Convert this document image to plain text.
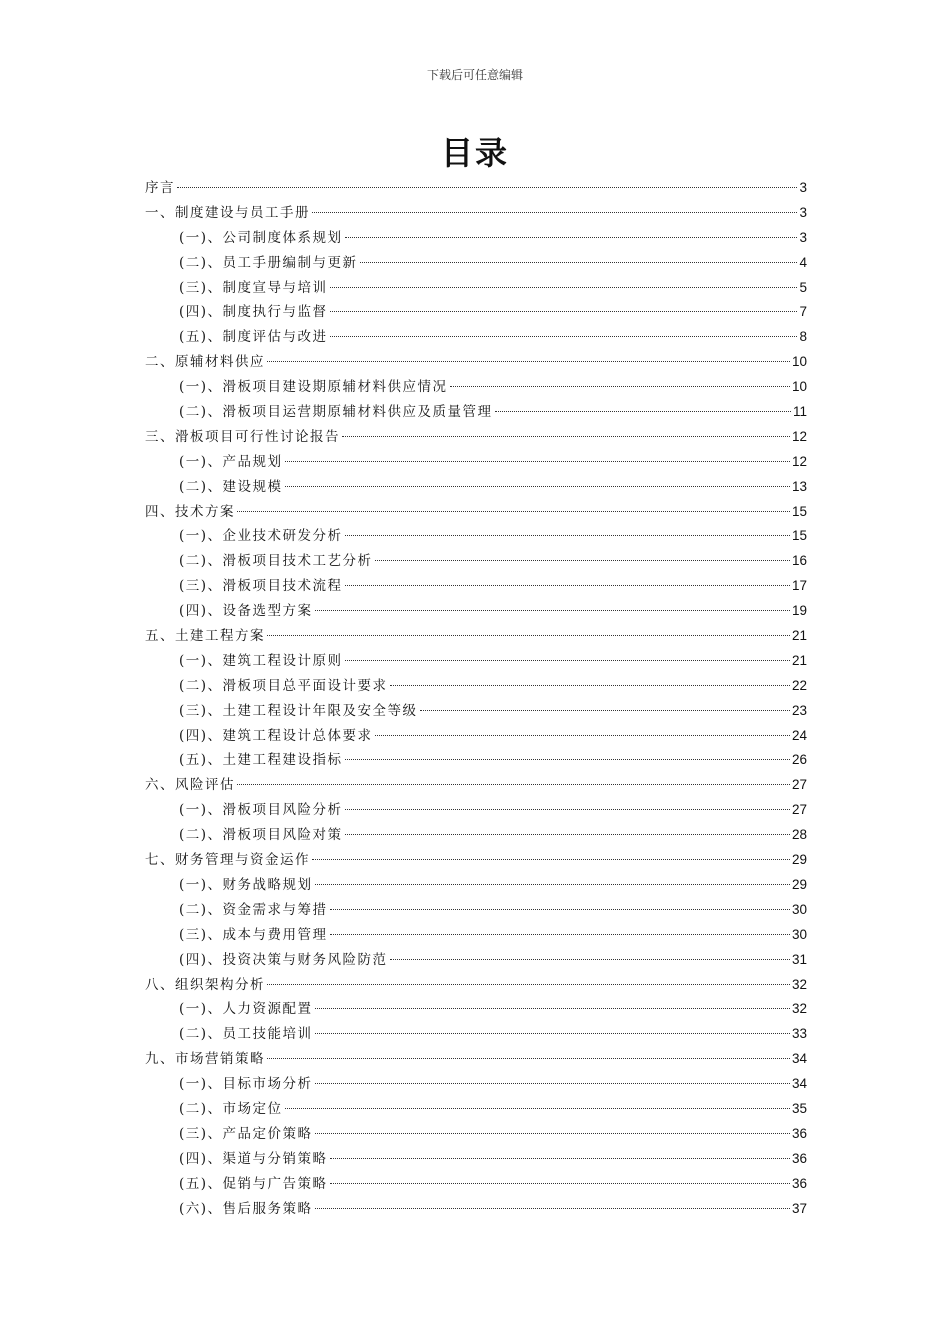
下载后可任意编辑
目录
序言	3
一、制度建设与员工手册	3
(一)、公司制度体系规划	3
(二)、员工手册编制与更新	4
(三)、制度宣导与培训	5
(四)、制度执行与监督	7
(五)、制度评估与改进	8
二、原辅材料供应	10
(一)、滑板项目建设期原辅材料供应情况	10
(二)、滑板项目运营期原辅材料供应及质量管理	11
三、滑板项目可行性讨论报告	12
(一)、产品规划	12
(二)、建设规模	13
四、技术方案	15
(一)、企业技术研发分析	15
(二)、滑板项目技术工艺分析	16
(三)、滑板项目技术流程	17
(四)、设备选型方案	19
五、土建工程方案	21
(一)、建筑工程设计原则	21
(二)、滑板项目总平面设计要求	22
(三)、土建工程设计年限及安全等级	23
(四)、建筑工程设计总体要求	24
(五)、土建工程建设指标	26
六、风险评估	27
(一)、滑板项目风险分析	27
(二)、滑板项目风险对策	28
七、财务管理与资金运作	29
(一)、财务战略规划	29
(二)、资金需求与筹措	30
(三)、成本与费用管理	30
(四)、投资决策与财务风险防范	31
八、组织架构分析	32
(一)、人力资源配置	32
(二)、员工技能培训	33
九、市场营销策略	34
(一)、目标市场分析	34
(二)、市场定位	35
(三)、产品定价策略	36
(四)、渠道与分销策略	36
(五)、促销与广告策略	36
(六)、售后服务策略	37
